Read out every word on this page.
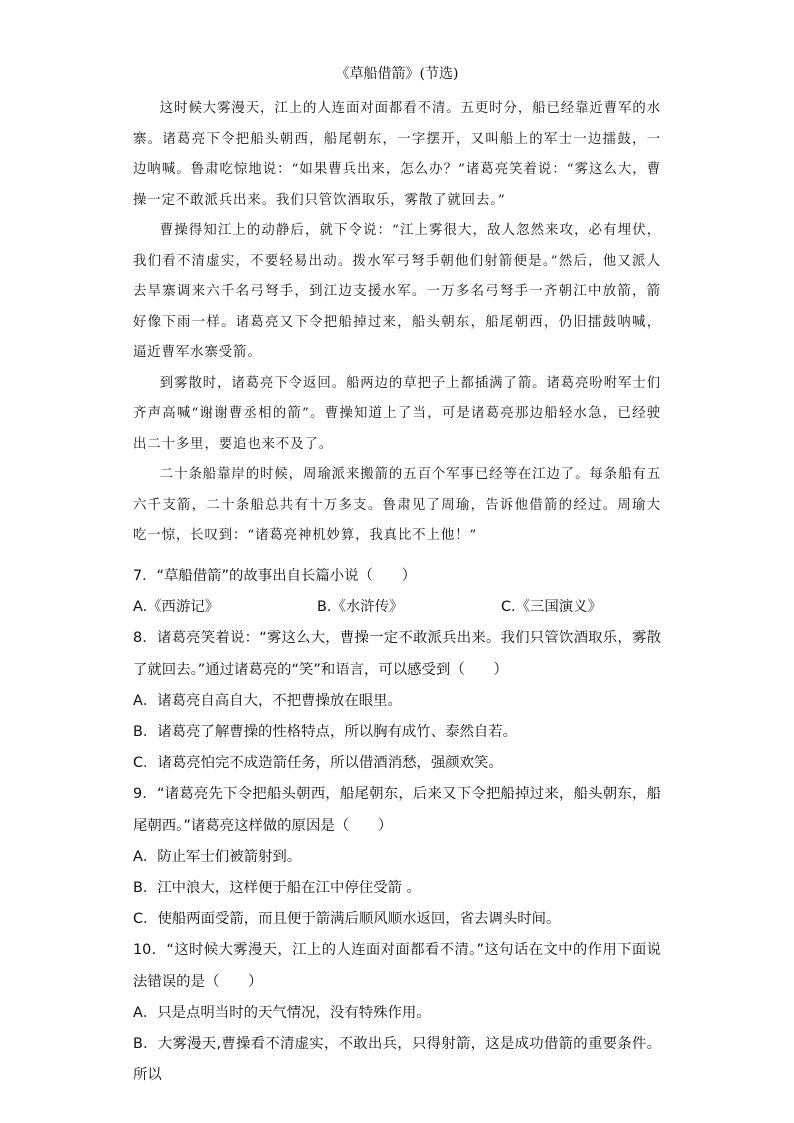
《草船借箭》(节选)

这时候大雾漫天，江上的人连面对面都看不清。五更时分，船已经靠近曹军的水寨。诸葛亮下令把船头朝西，船尾朝东，一字摆开，又叫船上的军士一边擂鼓，一边呐喊。鲁肃吃惊地说：“如果曹兵出来，怎么办？”诸葛亮笑着说：“雾这么大，曹操一定不敢派兵出来。我们只管饮酒取乐，雾散了就回去。”

曹操得知江上的动静后，就下令说：“江上雾很大，敌人忽然来攻，必有埋伏，我们看不清虚实，不要轻易出动。拨水军弓弩手朝他们射箭便是。”然后，他又派人去旱寨调来六千名弓弩手，到江边支援水军。一万多名弓弩手一齐朝江中放箭，箭好像下雨一样。诸葛亮又下令把船掉过来，船头朝东，船尾朝西，仍旧擂鼓呐喊，逼近曹军水寨受箭。

到雾散时，诸葛亮下令返回。船两边的草把子上都插满了箭。诸葛亮吩咐军士们齐声高喊“谢谢曹丞相的箭”。曹操知道上了当，可是诸葛亮那边船轻水急，已经驶出二十多里，要追也来不及了。

二十条船靠岸的时候，周瑜派来搬箭的五百个军事已经等在江边了。每条船有五六千支箭，二十条船总共有十万多支。鲁肃见了周瑜，告诉他借箭的经过。周瑜大吃一惊，长叹到：“诸葛亮神机妙算，我真比不上他！”

7．“草船借箭”的故事出自长篇小说（　　）

A.《西游记》	B.《水浒传》	C.《三国演义》

8．诸葛亮笑着说：“雾这么大，曹操一定不敢派兵出来。我们只管饮酒取乐，雾散了就回去。”通过诸葛亮的“笑”和语言，可以感受到（　　）

A．诸葛亮自高自大，不把曹操放在眼里。

B．诸葛亮了解曹操的性格特点，所以胸有成竹、泰然自若。

C．诸葛亮怕完不成造箭任务，所以借酒消愁，强颜欢笑。

9．“诸葛亮先下令把船头朝西，船尾朝东，后来又下令把船掉过来，船头朝东，船尾朝西。”诸葛亮这样做的原因是（　　）

A．防止军士们被箭射到。

B．江中浪大，这样便于船在江中停住受箭 。

C．使船两面受箭，而且便于箭满后顺风顺水返回，省去调头时间。

10．“这时候大雾漫天，江上的人连面对面都看不清。”这句话在文中的作用下面说法错误的是（　　）

A．只是点明当时的天气情况，没有特殊作用。

B．大雾漫天,曹操看不清虚实，不敢出兵，只得射箭，这是成功借箭的重要条件。所以
